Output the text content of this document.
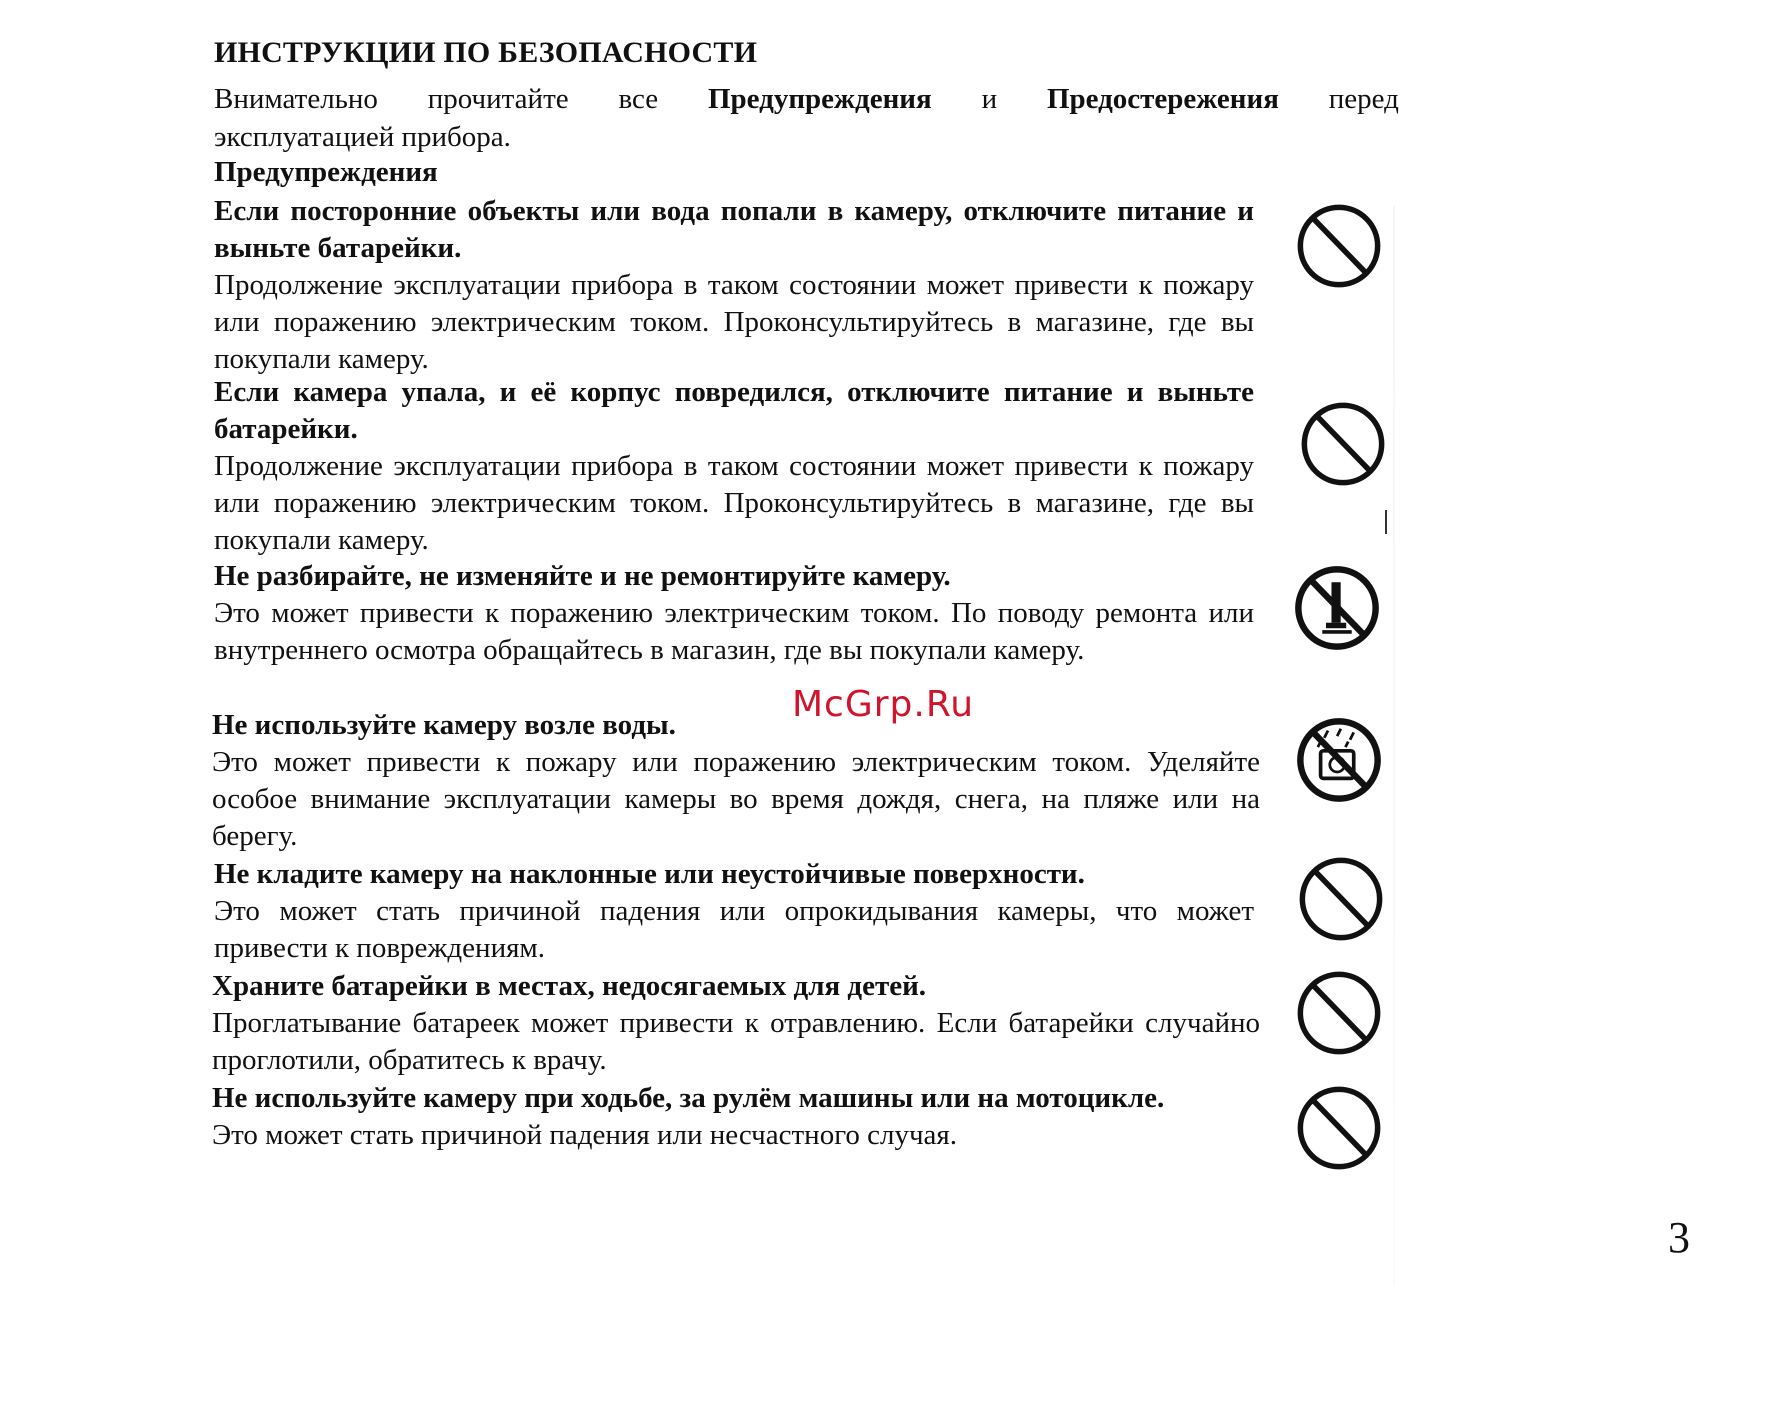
ИНСТРУКЦИИ ПО БЕЗОПАСНОСТИ
Внимательно прочитайте все Предупреждения и Предостережения перед
эксплуатацией прибора.
Предупреждения
Если посторонние объекты или вода попали в камеру, отключите питание и выньте батарейки.
Продолжение эксплуатации прибора в таком состоянии может привести к пожару или поражению электрическим током. Проконсультируйтесь в магазине, где вы покупали камеру.
Если камера упала, и её корпус повредился, отключите питание и выньте батарейки.
Продолжение эксплуатации прибора в таком состоянии может привести к пожару или поражению электрическим током. Проконсультируйтесь в магазине, где вы покупали камеру.
Не разбирайте, не изменяйте и не ремонтируйте камеру.
Это может привести к поражению электрическим током. По поводу ремонта или внутреннего осмотра обращайтесь в магазин, где вы покупали камеру.
Не используйте камеру возле воды.
Это может привести к пожару или поражению электрическим током. Уделяйте особое внимание эксплуатации камеры во время дождя, снега, на пляже или на берегу.
Не кладите камеру на наклонные или неустойчивые поверхности.
Это может стать причиной падения или опрокидывания камеры, что может привести к повреждениям.
Храните батарейки в местах, недосягаемых для детей.
Проглатывание батареек может привести к отравлению. Если батарейки случайно проглотили, обратитесь к врачу.
Не используйте камеру при ходьбе, за рулём машины или на мотоцикле.
Это может стать причиной падения или несчастного случая.
McGrp.Ru
3
